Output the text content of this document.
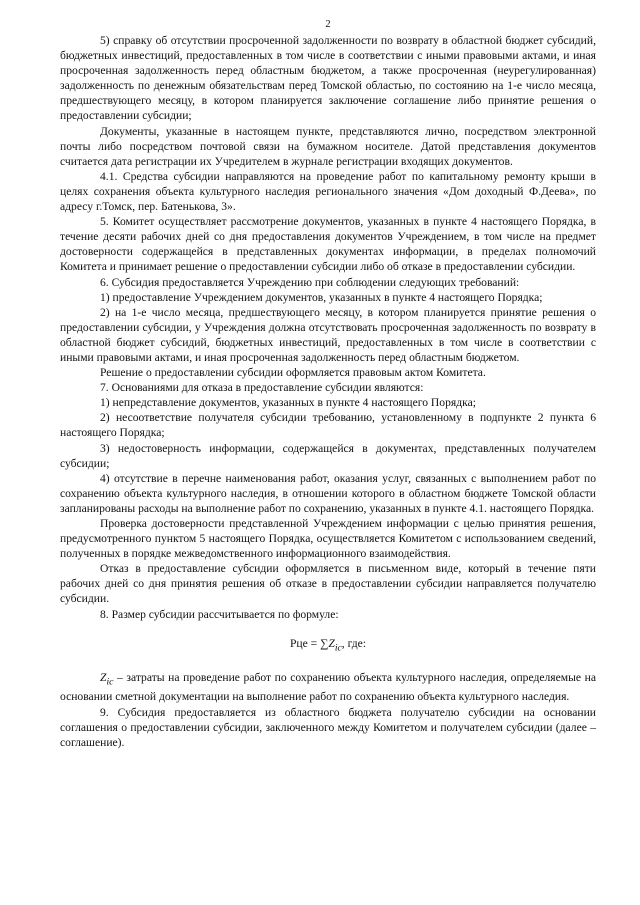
2

5) справку об отсутствии просроченной задолженности по возврату в областной бюджет субсидий, бюджетных инвестиций, предоставленных в том числе в соответствии с иными правовыми актами, и иная просроченная задолженность перед областным бюджетом, а также просроченная (неурегулированная) задолженность по денежным обязательствам перед Томской областью, по состоянию на 1-е число месяца, предшествующего месяцу, в котором планируется заключение соглашение либо принятие решения о предоставлении субсидии;

Документы, указанные в настоящем пункте, представляются лично, посредством электронной почты либо посредством почтовой связи на бумажном носителе. Датой представления документов считается дата регистрации их Учредителем в журнале регистрации входящих документов.

4.1. Средства субсидии направляются на проведение работ по капитальному ремонту крыши в целях сохранения объекта культурного наследия регионального значения «Дом доходный Ф.Деева», по адресу г.Томск, пер. Батенькова, 3».

5. Комитет осуществляет рассмотрение документов, указанных в пункте 4 настоящего Порядка, в течение десяти рабочих дней со дня предоставления документов Учреждением, в том числе на предмет достоверности содержащейся в представленных документах информации, в пределах полномочий Комитета и принимает решение о предоставлении субсидии либо об отказе в предоставлении субсидии.

6. Субсидия предоставляется Учреждению при соблюдении следующих требований:

1) предоставление Учреждением документов, указанных в пункте 4 настоящего Порядка;

2) на 1-е число месяца, предшествующего месяцу, в котором планируется принятие решения о предоставлении субсидии, у Учреждения должна отсутствовать просроченная задолженность по возврату в областной бюджет субсидий, бюджетных инвестиций, предоставленных в том числе в соответствии с иными правовыми актами, и иная просроченная задолженность перед областным бюджетом.

Решение о предоставлении субсидии оформляется правовым актом Комитета.

7. Основаниями для отказа в предоставление субсидии являются:

1) непредставление документов, указанных в пункте 4 настоящего Порядка;

2) несоответствие получателя субсидии требованию, установленному в подпункте 2 пункта 6 настоящего Порядка;

3) недостоверность информации, содержащейся в документах, представленных получателем субсидии;

4) отсутствие в перечне наименования работ, оказания услуг, связанных с выполнением работ по сохранению объекта культурного наследия, в отношении которого в областном бюджете Томской области запланированы расходы на выполнение работ по сохранению, указанных в пункте 4.1. настоящего Порядка.

Проверка достоверности представленной Учреждением информации с целью принятия решения, предусмотренного пунктом 5 настоящего Порядка, осуществляется Комитетом с использованием сведений, полученных в порядке межведомственного информационного взаимодействия.

Отказ в предоставление субсидии оформляется в письменном виде, который в течение пяти рабочих дней со дня принятия решения об отказе в предоставлении субсидии направляется получателю субсидии.

8. Размер субсидии рассчитывается по формуле:

Рце = $\sum Z_{ic}$, где:

$Z_{ic}$ – затраты на проведение работ по сохранению объекта культурного наследия, определяемые на основании сметной документации на выполнение работ по сохранению объекта культурного наследия.

9. Субсидия предоставляется из областного бюджета получателю субсидии на основании соглашения о предоставлении субсидии, заключенного между Комитетом и получателем субсидии (далее – соглашение).
